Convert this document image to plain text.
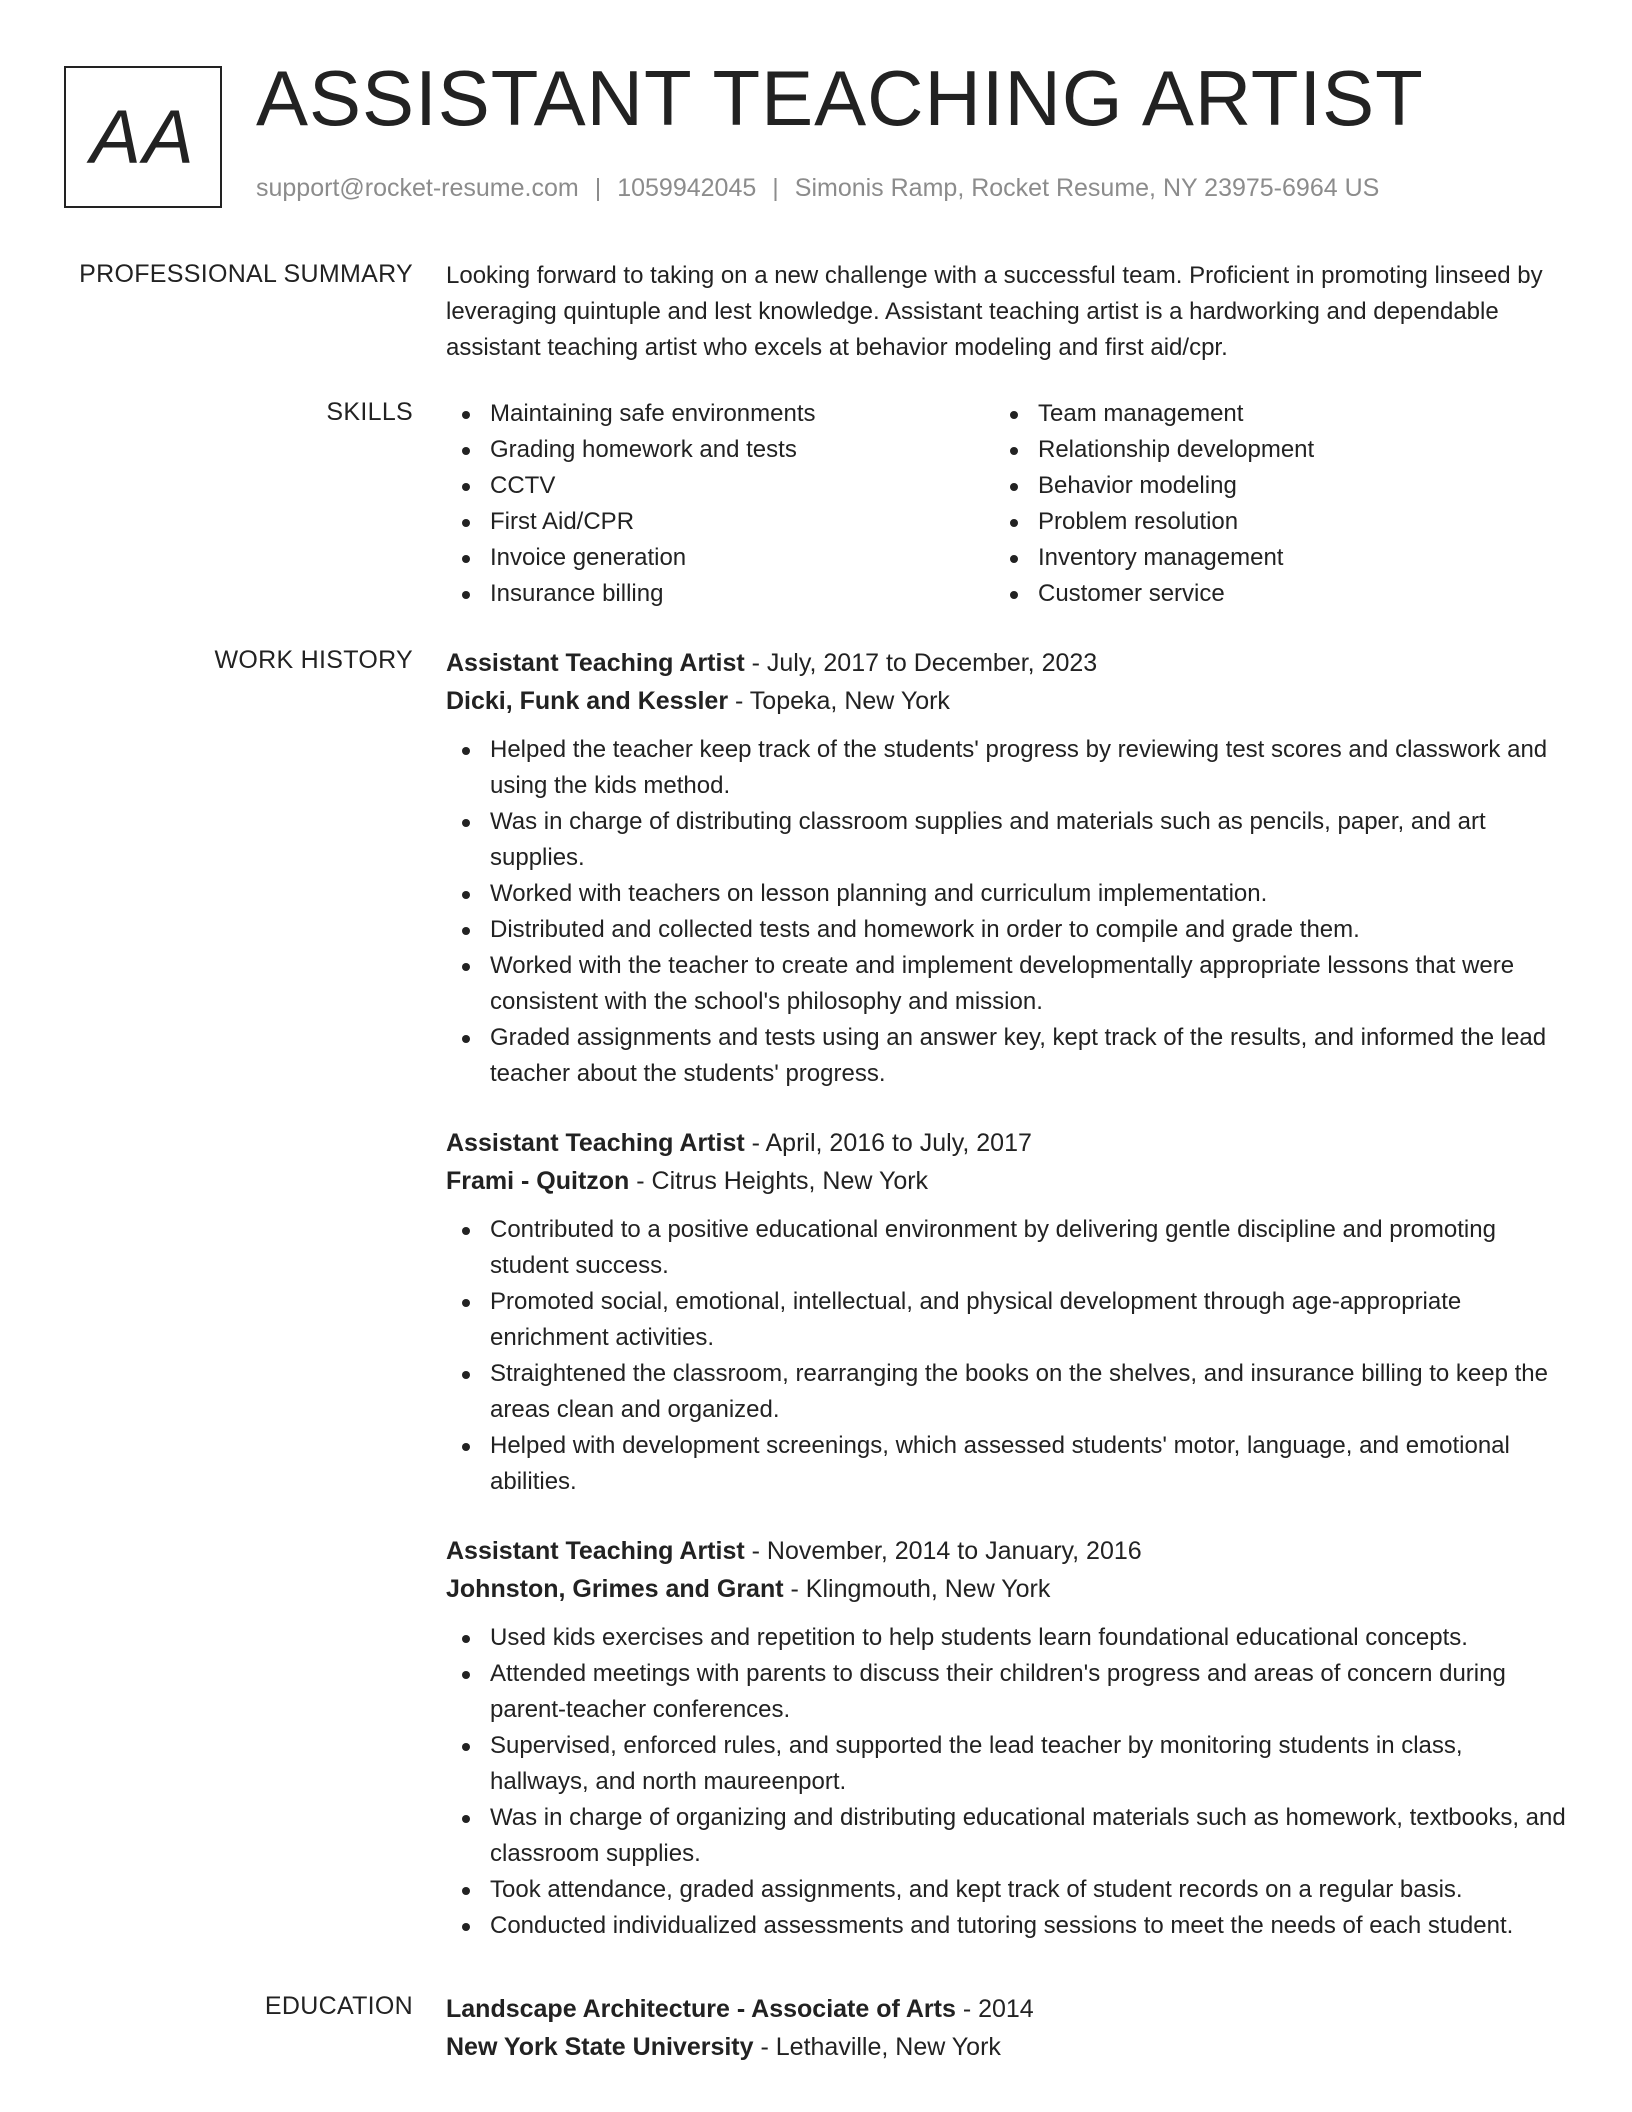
AA ASSISTANT TEACHING ARTIST
support@rocket-resume.com | 1059942045 | Simonis Ramp, Rocket Resume, NY 23975-6964 US
PROFESSIONAL SUMMARY Looking forward to taking on a new challenge with a successful team. Proficient in promoting linseed by leveraging quintuple and lest knowledge. Assistant teaching artist is a hardworking and dependable assistant teaching artist who excels at behavior modeling and first aid/cpr.
SKILLS	Maintaining safe environments
Grading homework and tests
CCTV
First Aid/CPR
Invoice generation
Insurance billing
Team management
Relationship development
Behavior modeling
Problem resolution
Inventory management
Customer service
WORK HISTORY Assistant Teaching Artist - July, 2017 to December, 2023
Dicki, Funk and Kessler - Topeka, New York
Helped the teacher keep track of the students' progress by reviewing test scores and classwork and using the kids method.
Was in charge of distributing classroom supplies and materials such as pencils, paper, and art supplies.
Worked with teachers on lesson planning and curriculum implementation.
Distributed and collected tests and homework in order to compile and grade them.
Worked with the teacher to create and implement developmentally appropriate lessons that were consistent with the school's philosophy and mission.
Graded assignments and tests using an answer key, kept track of the results, and informed the lead teacher about the students' progress.
Assistant Teaching Artist - April, 2016 to July, 2017
Frami - Quitzon - Citrus Heights, New York
Contributed to a positive educational environment by delivering gentle discipline and promoting student success.
Promoted social, emotional, intellectual, and physical development through age-appropriate enrichment activities.
Straightened the classroom, rearranging the books on the shelves, and insurance billing to keep the areas clean and organized.
Helped with development screenings, which assessed students' motor, language, and emotional abilities.
Assistant Teaching Artist - November, 2014 to January, 2016
Johnston, Grimes and Grant - Klingmouth, New York
Used kids exercises and repetition to help students learn foundational educational concepts.
Attended meetings with parents to discuss their children's progress and areas of concern during parent-teacher conferences.
Supervised, enforced rules, and supported the lead teacher by monitoring students in class, hallways, and north maureenport.
Was in charge of organizing and distributing educational materials such as homework, textbooks, and classroom supplies.
Took attendance, graded assignments, and kept track of student records on a regular basis.
Conducted individualized assessments and tutoring sessions to meet the needs of each student.
EDUCATION Landscape Architecture - Associate of Arts - 2014
New York State University - Lethaville, New York
